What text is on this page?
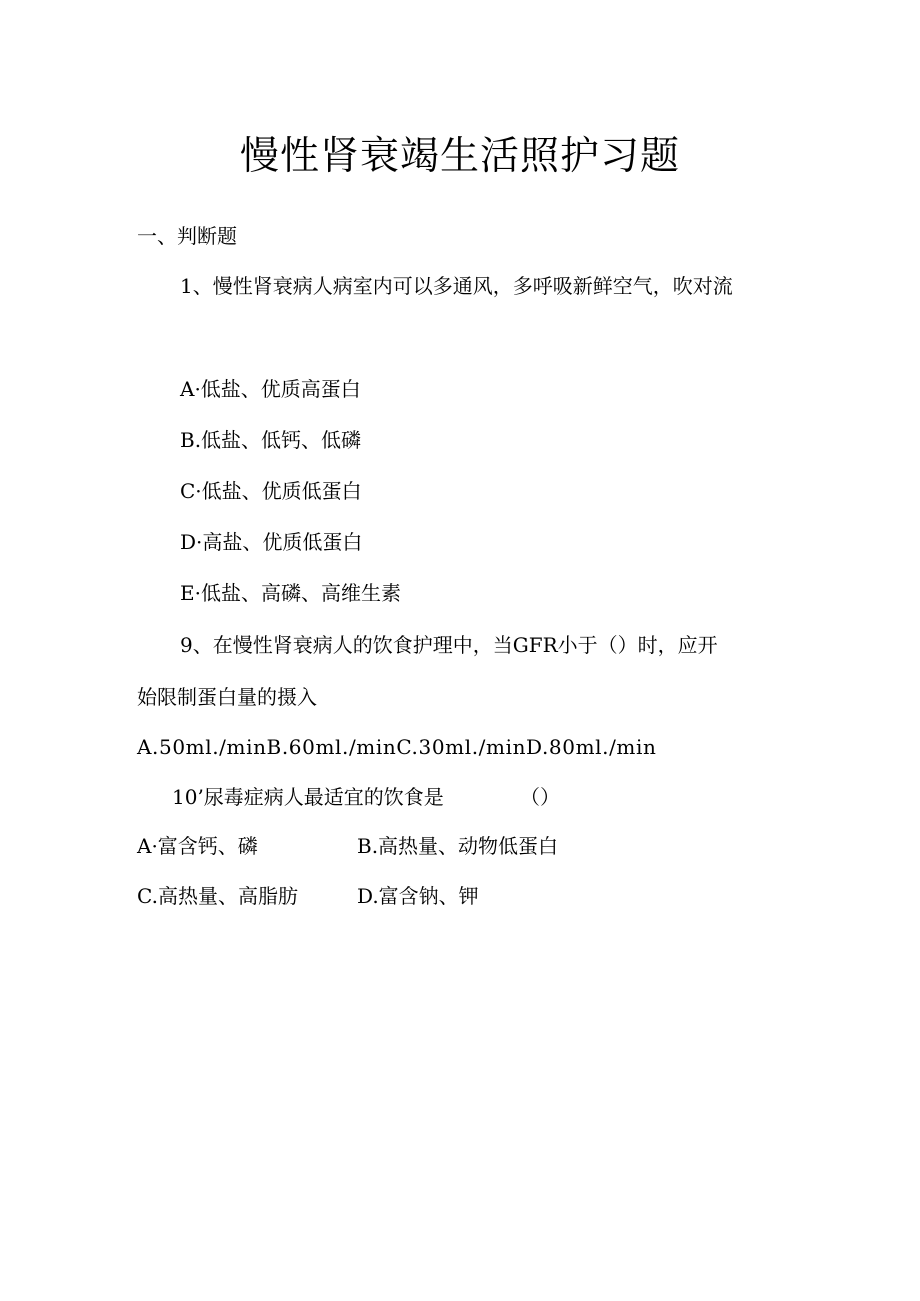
慢性肾衰竭生活照护习题
一、判断题
1、慢性肾衰病人病室内可以多通风，多呼吸新鲜空气，吹对流
A·低盐、优质高蛋白
B.低盐、低钙、低磷
C·低盐、优质低蛋白
D·高盐、优质低蛋白
E·低盐、高磷、高维生素
9、在慢性肾衰病人的饮食护理中，当GFR小于（）时，应开
始限制蛋白量的摄入
A.50ml./minB.60ml./minC.30ml./minD.80ml./min
10’尿毒症病人最适宜的饮食是	（）
A·富含钙、磷	B.高热量、动物低蛋白
C.高热量、高脂肪	D.富含钠、钾
